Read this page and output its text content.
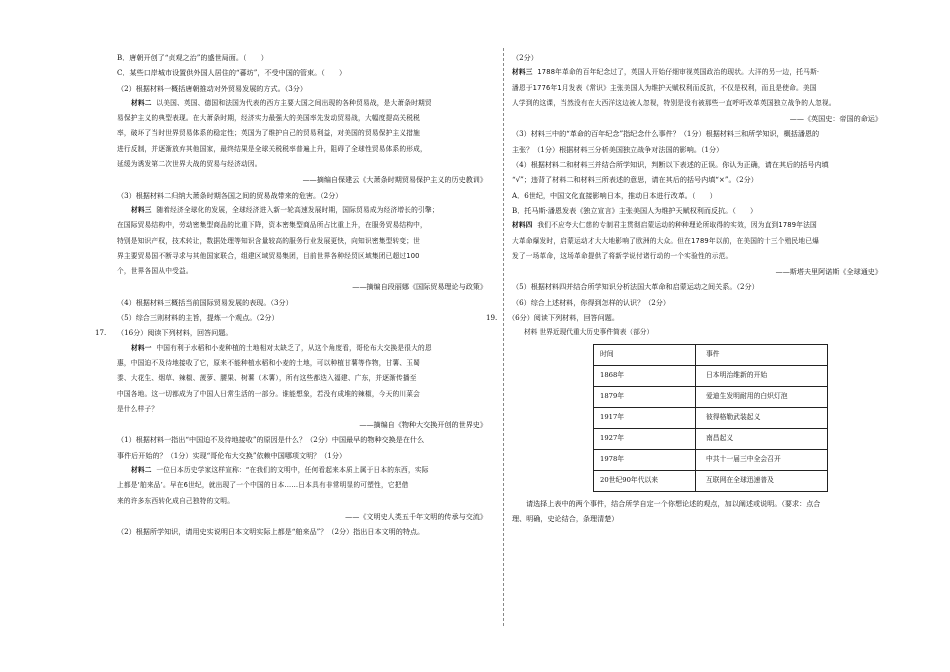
B．唐朝开创了“贞观之治”的盛世局面。（　　）
C．某些口岸城市设置供外国人居住的“蕃坊”，不受中国的管束。（　　）
（2）根据材料一概括唐朝推动对外贸易发展的方式。（3分）
材料二 以美国、英国、德国和法国为代表的西方主要大国之间出现的各种贸易战，是大萧条时期贸
易保护主义的典型表现。在大萧条时期，经济实力最强大的美国率先发动贸易战，大幅度提高关税税
率，破坏了当时世界贸易体系的稳定性；英国为了维护自己的贸易利益，对美国的贸易保护主义措施
进行反制，并逐渐放弃其他国家，最终结果是全球关税税率普遍上升，阻碍了全球性贸易体系的形成，
延缓为诱发第二次世界大战的贸易与经济动因。
——摘编自保建云《大萧条时期贸易保护主义的历史教训》
（3）根据材料二归纳大萧条时期各国之间的贸易战带来的危害。（2分）
材料三 随着经济全球化的发展，全球经济进入新一轮高速发展时期，国际贸易成为经济增长的引擎；
在国际贸易结构中，劳动密集型商品的比重下降，资本密集型商品所占比重上升，在服务贸易结构中，
特别是知识产权，技术转让，数据处理等知识含量较高的服务行业发展更快，向知识密集型转变；世
界主要贸易国不断寻求与其他国家联合，组建区域贸易集团，目前世界各种经贸区域集团已超过100
个，世界各国从中受益。
——摘编自段丽娜《国际贸易理论与政策》
（4）根据材料三概括当前国际贸易发展的表现。（3分）
（5）综合三则材料的主旨，提炼一个观点。（2分）
17. （16分）阅读下列材料，回答问题。
材料一 中国有利于水稻和小麦种植的土地相对太缺乏了，从这个角度看，哥伦布大交换是很大的恩
惠，中国迫不及待地接收了它，原来不能种植水稻和小麦的土地，可以种植甘薯等作物，甘薯、玉蜀
黍、大花生、烟草、辣椒、菠萝、腰果、树薯（木薯），所有这些都迭入福建、广东，并逐渐传播至
中国各地。这一切都成为了中国人日常生活的一部分。谁能想象，若没有成堆的辣椒，今天的川菜会
是什么样子？
——摘编自《物种大交换开创的世界史》
（1）根据材料一指出“中国迫不及待地接收”的原因是什么？（2分）中国最早的物种交换是在什么
事件后开始的？（1分）实现“哥伦布大交换”依赖中国哪项文明？（1分）
材料二 一位日本历史学家这样宣称：“在我们的文明中，任何看起来本质上属于日本的东西，实际
上都是‘舶来品’。早在6世纪，就出现了一个中国的日本……日本具有非常明显的可塑性，它把借
来的许多东西转化成自己独特的文明。
——《文明史人类五千年文明的传承与交流》
（2）根据所学知识，请用史实说明日本文明实际上都是“舶来品”？（2分）指出日本文明的特点。
（2分）
材料三 1788年革命的百年纪念过了，英国人开始仔细审视英国政治的现状。大洋的另一边，托马斯·
潘恩于1776年1月发表《常识》主张美国人为维护天赋权利而反抗，不仅是权利，而且是使命。美国
人学到的这课，当然没有在大西洋这边被人忽视，特别是没有被那些一直呼吁改革英国独立战争的人忽视。
——《英国史：帝国的命运》
（3）材料三中的“革命的百年纪念”指纪念什么事件？（1分）根据材料三和所学知识，概括潘恩的
主张？（1分）根据材料三分析美国独立战争对法国的影响。（1分）
（4）根据材料二和材料三并结合所学知识，判断以下表述的正误。你认为正确，请在其后的括号内填
“√”；违背了材料二和材料三所表述的意思，请在其后的括号内填“×”。（2分）
A．6世纪，中国文化直接影响日本，推动日本进行改革。（　　）
B．托马斯·潘恩发表《独立宣言》主张美国人为维护天赋权利而反抗。（　　）
材料四 我们不应夸大仁慈的专制君主贯彻启蒙运动的种种理论所取得的实效，因为直到1789年法国
大革命爆发时，启蒙运动才大大地影响了欧洲的大众。但在1789年以前，在美国的十三个殖民地已爆
发了一场革命，这场革命提供了将新学说付诸行动的一个实验性的示范。
——斯塔夫里阿诺斯《全球通史》
（5）根据材料四并结合所学知识分析法国大革命和启蒙运动之间关系。（2分）
（6）综合上述材料，你得到怎样的认识？（2分）
19. （6分）阅读下列材料，回答问题。
材料 世界近现代重大历史事件简表（部分）
时间	事件
1868年	日本明治维新的开始
1879年	爱迪生发明耐用的白炽灯泡
1917年	彼得格勒武装起义
1927年	南昌起义
1978年	中共十一届三中全会召开
20世纪90年代以来	互联网在全球迅速普及
请选择上表中的两个事件，结合所学自定一个你想论述的观点，加以阐述或说明。（要求：点合
理、明确，史论结合，条理清楚）
